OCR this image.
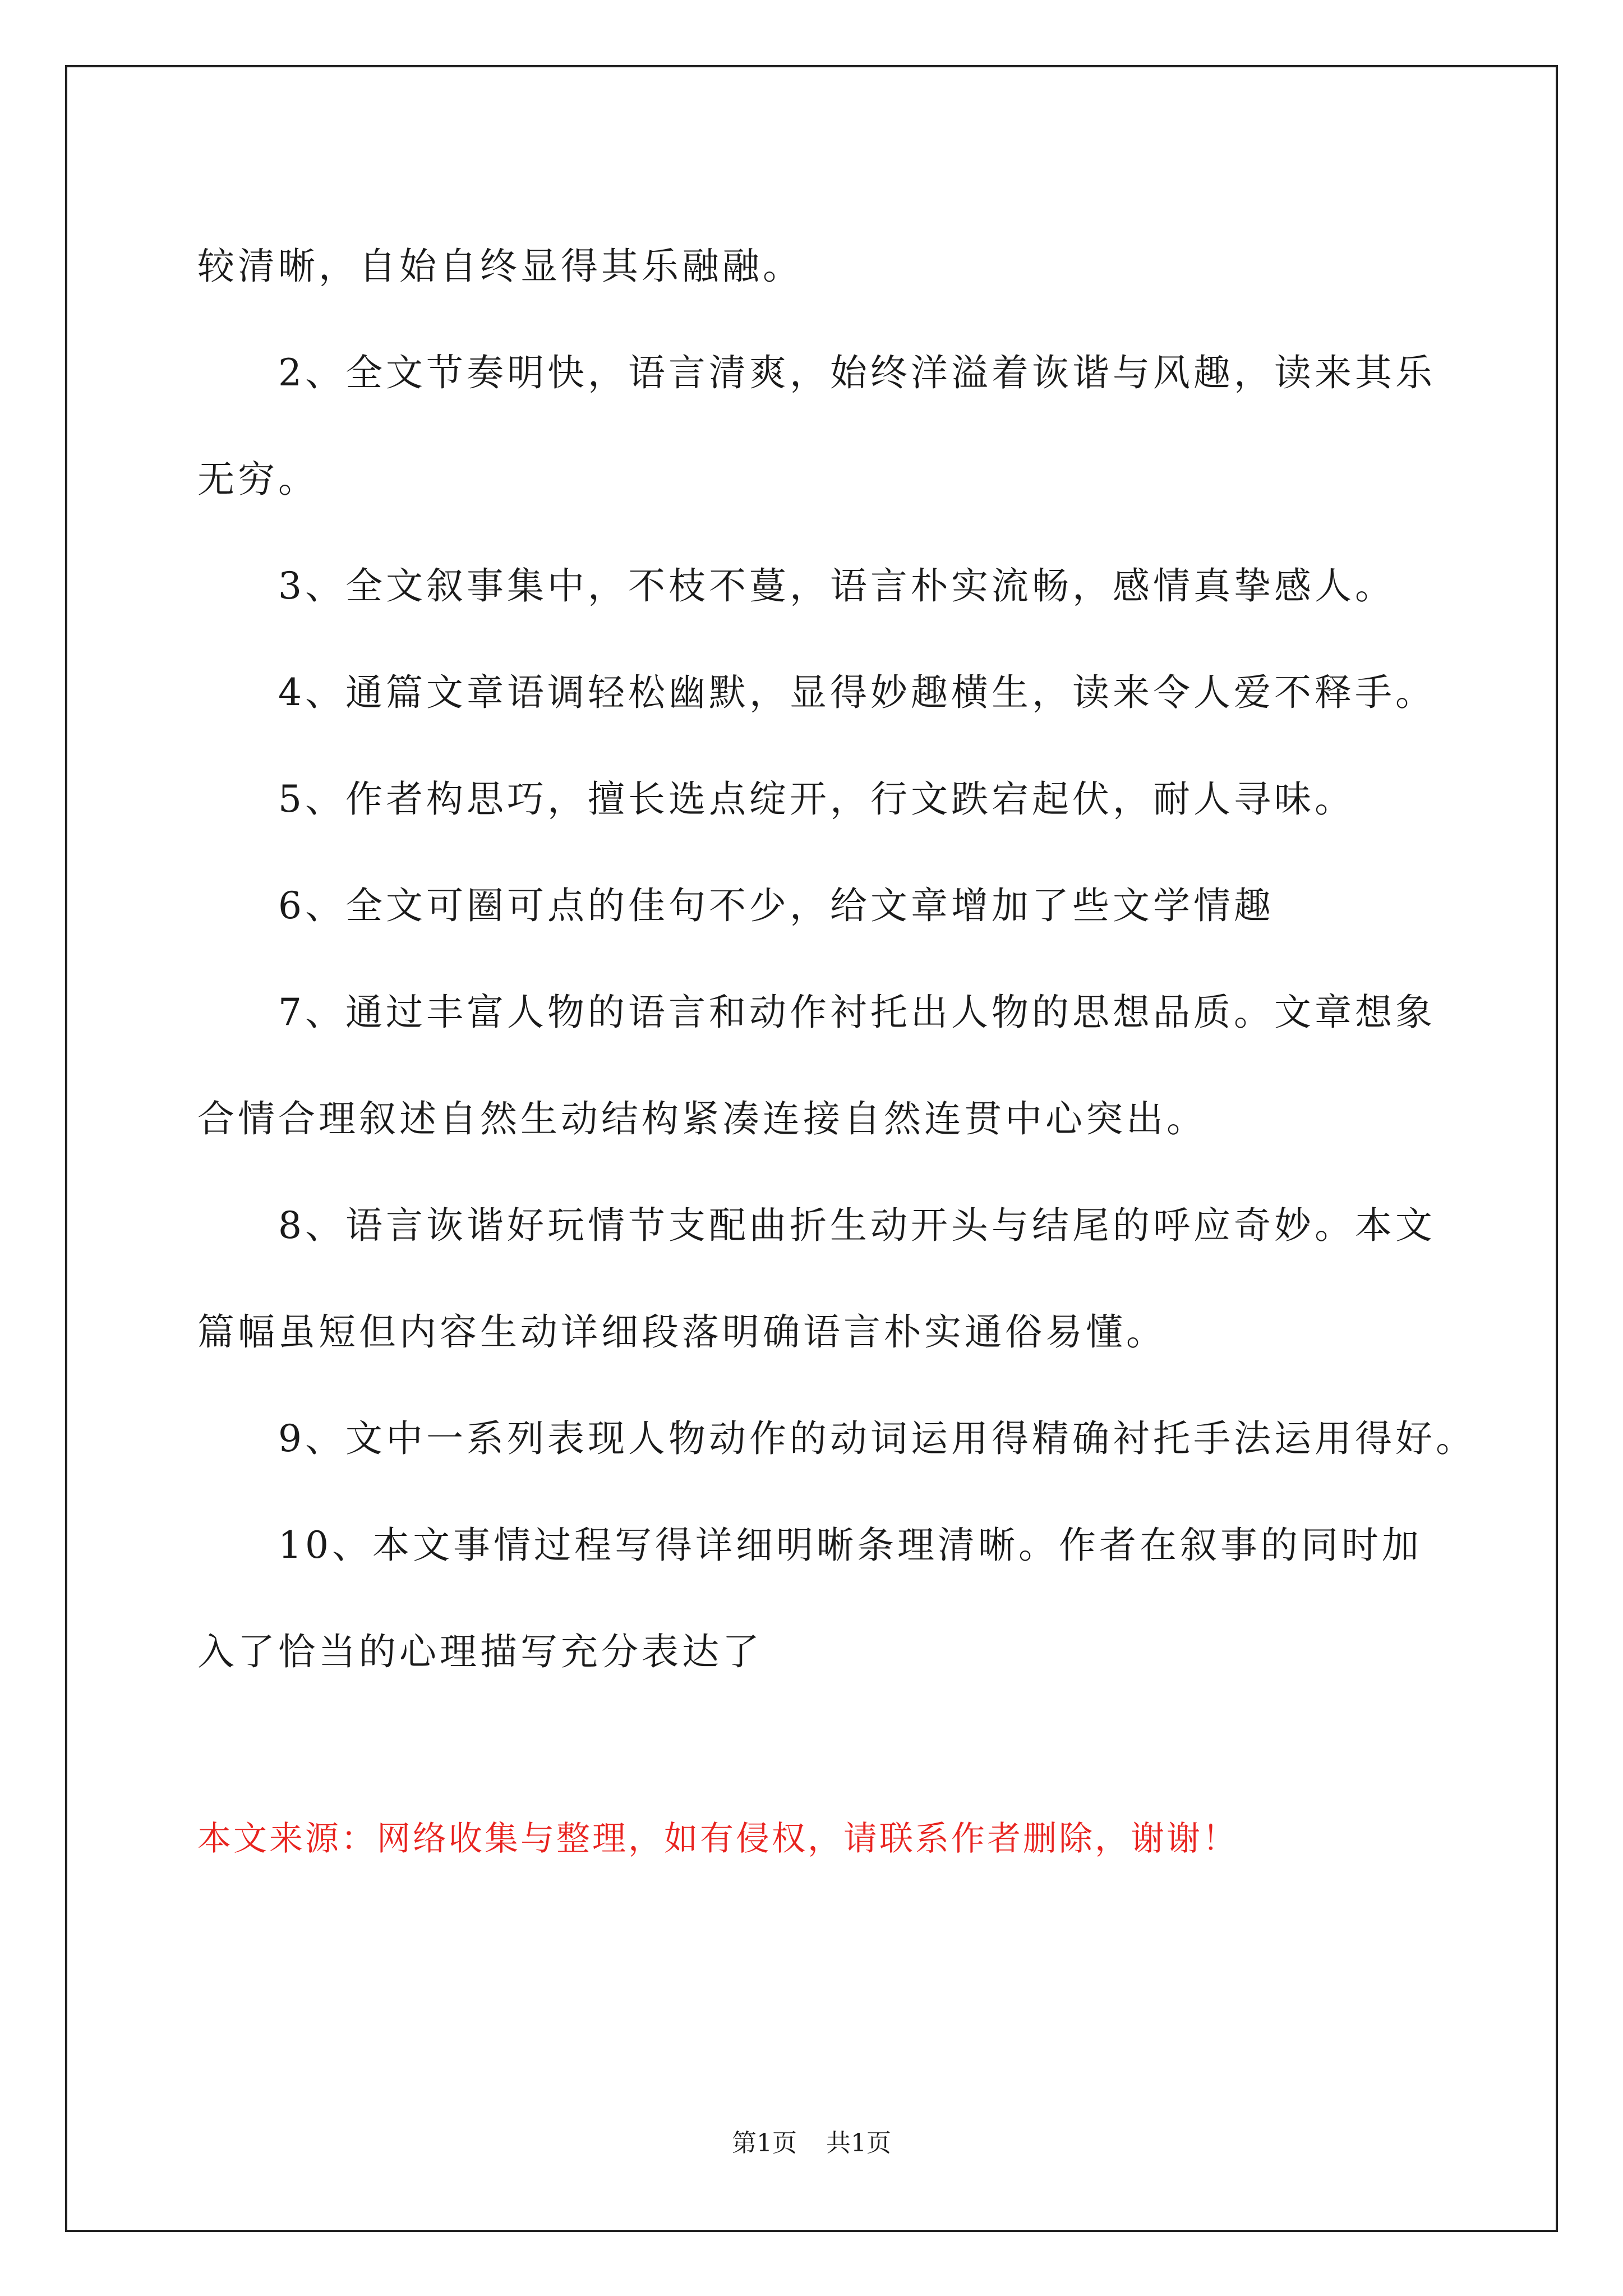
较清晰，自始自终显得其乐融融。

2、全文节奏明快，语言清爽，始终洋溢着诙谐与风趣，读来其乐

无穷。

3、全文叙事集中，不枝不蔓，语言朴实流畅，感情真挚感人。

4、通篇文章语调轻松幽默，显得妙趣横生，读来令人爱不释手。

5、作者构思巧，擅长选点绽开，行文跌宕起伏，耐人寻味。

6、全文可圈可点的佳句不少，给文章增加了些文学情趣

7、通过丰富人物的语言和动作衬托出人物的思想品质。文章想象

合情合理叙述自然生动结构紧凑连接自然连贯中心突出。

8、语言诙谐好玩情节支配曲折生动开头与结尾的呼应奇妙。本文

篇幅虽短但内容生动详细段落明确语言朴实通俗易懂。

9、文中一系列表现人物动作的动词运用得精确衬托手法运用得好。

10、本文事情过程写得详细明晰条理清晰。作者在叙事的同时加

入了恰当的心理描写充分表达了

本文来源：网络收集与整理，如有侵权，请联系作者删除，谢谢！
第1页 共1页
